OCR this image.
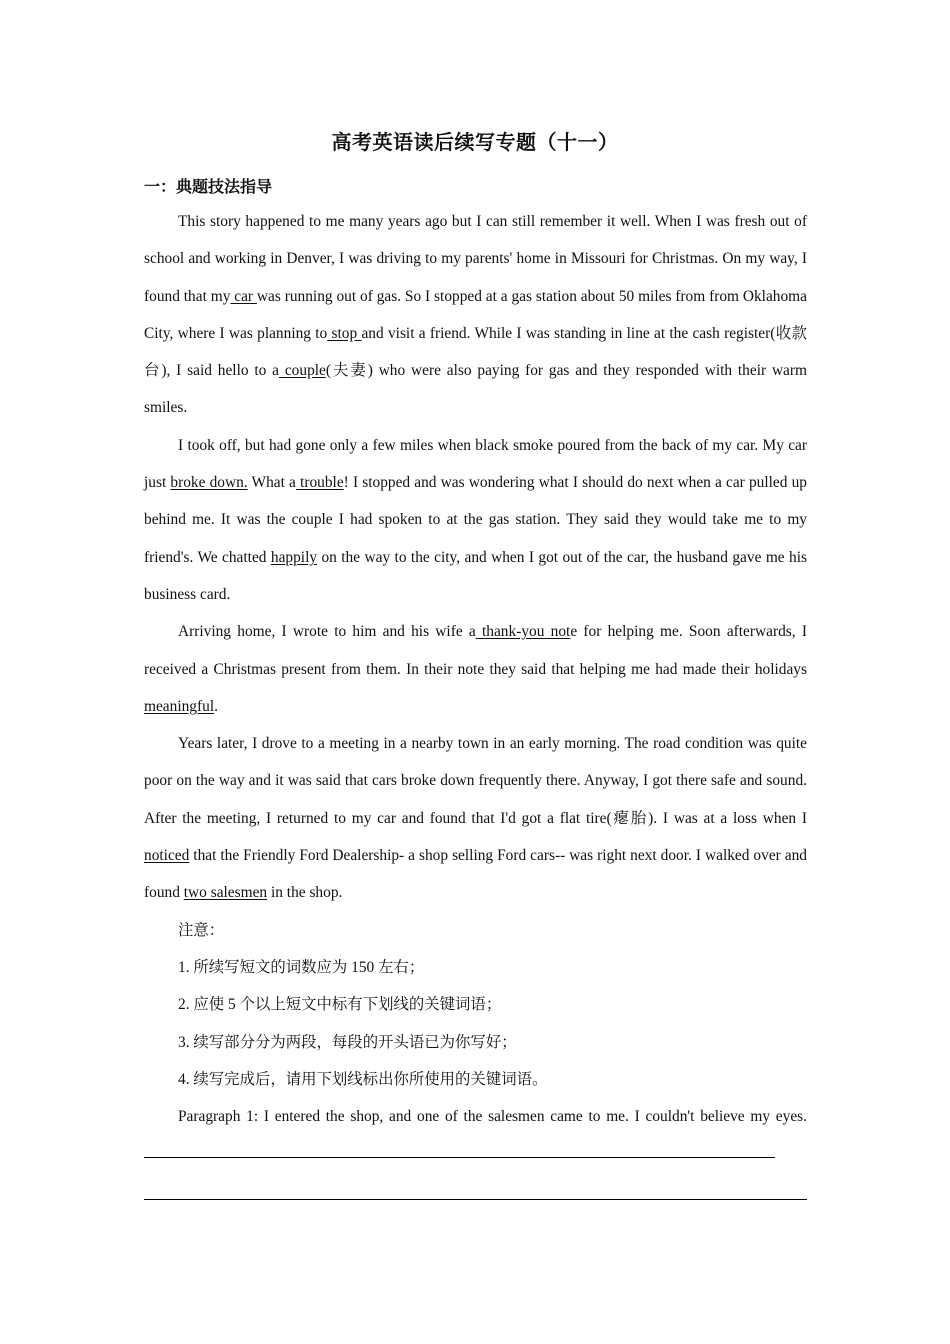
高考英语读后续写专题（十一）
一：典题技法指导

This story happened to me many years ago but I can still remember it well. When I was fresh out of school and working in Denver, I was driving to my parents' home in Missouri for Christmas. On my way, I found that my car was running out of gas. So I stopped at a gas station about 50 miles from from Oklahoma City, where I was planning to stop and visit a friend. While I was standing in line at the cash register(收款台), I said hello to a couple(夫妻) who were also paying for gas and they responded with their warm smiles.

I took off, but had gone only a few miles when black smoke poured from the back of my car. My car just broke down. What a trouble! I stopped and was wondering what I should do next when a car pulled up behind me. It was the couple I had spoken to at the gas station. They said they would take me to my friend's. We chatted happily on the way to the city, and when I got out of the car, the husband gave me his business card.

Arriving home, I wrote to him and his wife a thank-you note for helping me. Soon afterwards, I received a Christmas present from them. In their note they said that helping me had made their holidays meaningful.

Years later, I drove to a meeting in a nearby town in an early morning. The road condition was quite poor on the way and it was said that cars broke down frequently there. Anyway, I got there safe and sound. After the meeting, I returned to my car and found that I'd got a flat tire(瘪胎). I was at a loss when I noticed that the Friendly Ford Dealership- a shop selling Ford cars-- was right next door. I walked over and found two salesmen in the shop.

注意：

1. 所续写短文的词数应为 150 左右；

2. 应使 5 个以上短文中标有下划线的关键词语；

3. 续写部分分为两段，每段的开头语已为你写好；

4. 续写完成后，请用下划线标出你所使用的关键词语。

Paragraph 1: I entered the shop, and one of the salesmen came to me. I couldn't believe my eyes.
